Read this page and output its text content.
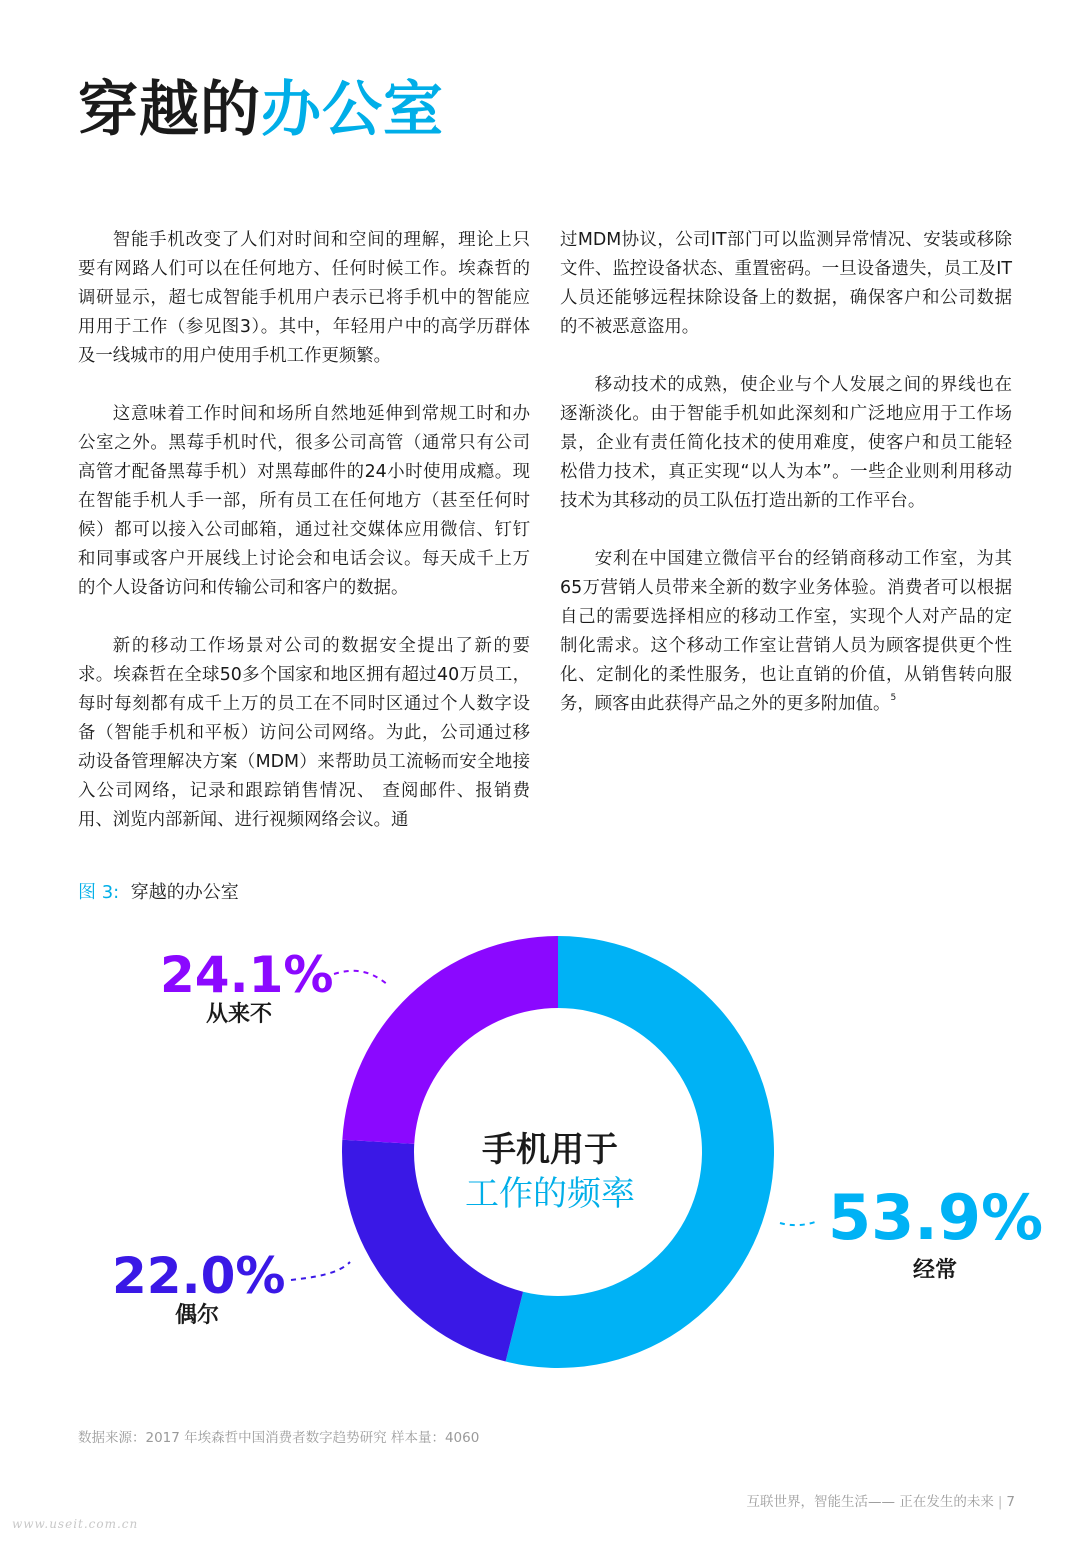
穿越的办公室

智能手机改变了人们对时间和空间的理解，理论上只要有网路人们可以在任何地方、任何时候工作。埃森哲的调研显示，超七成智能手机用户表示已将手机中的智能应用用于工作（参见图3）。其中，年轻用户中的高学历群体及一线城市的用户使用手机工作更频繁。

这意味着工作时间和场所自然地延伸到常规工时和办公室之外。黑莓手机时代，很多公司高管（通常只有公司高管才配备黑莓手机）对黑莓邮件的24小时使用成瘾。现在智能手机人手一部，所有员工在任何地方（甚至任何时候）都可以接入公司邮箱，通过社交媒体应用微信、钉钉和同事或客户开展线上讨论会和电话会议。每天成千上万的个人设备访问和传输公司和客户的数据。

新的移动工作场景对公司的数据安全提出了新的要求。埃森哲在全球50多个国家和地区拥有超过40万员工，每时每刻都有成千上万的员工在不同时区通过个人数字设备（智能手机和平板）访问公司网络。为此，公司通过移动设备管理解决方案（MDM）来帮助员工流畅而安全地接入公司网络，记录和跟踪销售情况、 查阅邮件、报销费用、浏览内部新闻、进行视频网络会议。通

过MDM协议，公司IT部门可以监测异常情况、安装或移除文件、监控设备状态、重置密码。一旦设备遗失，员工及IT人员还能够远程抹除设备上的数据，确保客户和公司数据的不被恶意盗用。

移动技术的成熟，使企业与个人发展之间的界线也在逐渐淡化。由于智能手机如此深刻和广泛地应用于工作场景，企业有责任简化技术的使用难度，使客户和员工能轻松借力技术，真正实现“以人为本”。一些企业则利用移动技术为其移动的员工队伍打造出新的工作平台。

安利在中国建立微信平台的经销商移动工作室，为其65万营销人员带来全新的数字业务体验。消费者可以根据自己的需要选择相应的移动工作室，实现个人对产品的定制化需求。这个移动工作室让营销人员为顾客提供更个性化、定制化的柔性服务，也让直销的价值，从销售转向服务，顾客由此获得产品之外的更多附加值。$^5$

图 3: 穿越的办公室
手机用于
工作的频率
24.1%
从来不
22.0%
偶尔
53.9%
经常
数据来源：2017 年埃森哲中国消费者数字趋势研究 样本量：4060
互联世界，智能生活—— 正在发生的未来 | 7
www.useit.com.cn
